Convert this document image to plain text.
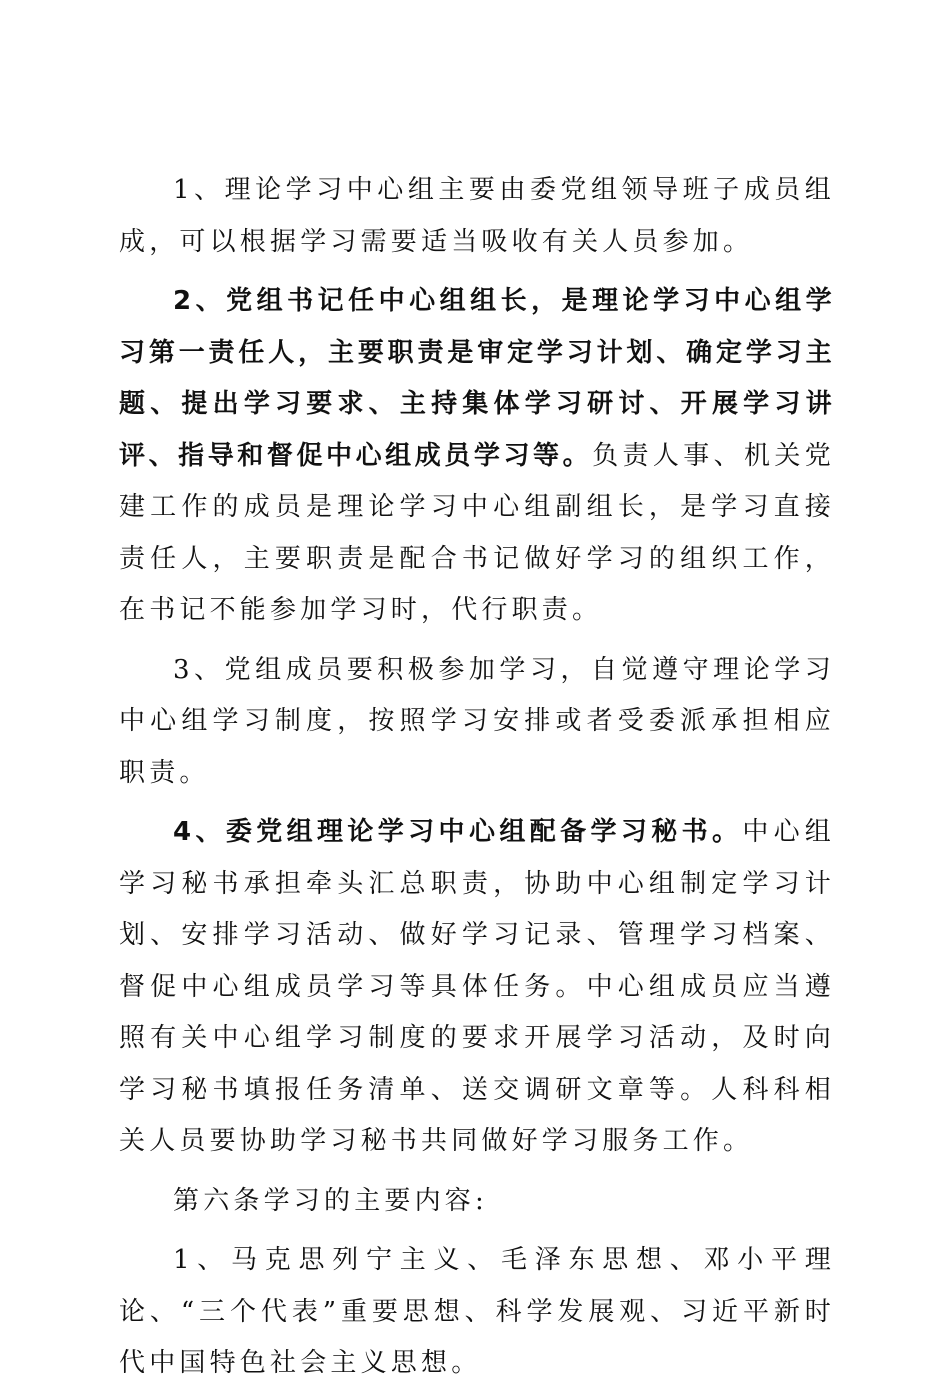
1、理论学习中心组主要由委党组领导班子成员组成，可以根据学习需要适当吸收有关人员参加。

2、党组书记任中心组组长，是理论学习中心组学习第一责任人，主要职责是审定学习计划、确定学习主题、提出学习要求、主持集体学习研讨、开展学习讲评、指导和督促中心组成员学习等。负责人事、机关党建工作的成员是理论学习中心组副组长，是学习直接责任人，主要职责是配合书记做好学习的组织工作，在书记不能参加学习时，代行职责。

3、党组成员要积极参加学习，自觉遵守理论学习中心组学习制度，按照学习安排或者受委派承担相应职责。

4、委党组理论学习中心组配备学习秘书。中心组学习秘书承担牵头汇总职责，协助中心组制定学习计划、安排学习活动、做好学习记录、管理学习档案、督促中心组成员学习等具体任务。中心组成员应当遵照有关中心组学习制度的要求开展学习活动，及时向学习秘书填报任务清单、送交调研文章等。人科科相关人员要协助学习秘书共同做好学习服务工作。

第六条学习的主要内容:

1、马克思列宁主义、毛泽东思想、邓小平理论、“三个代表”重要思想、科学发展观、习近平新时代中国特色社会主义思想。
